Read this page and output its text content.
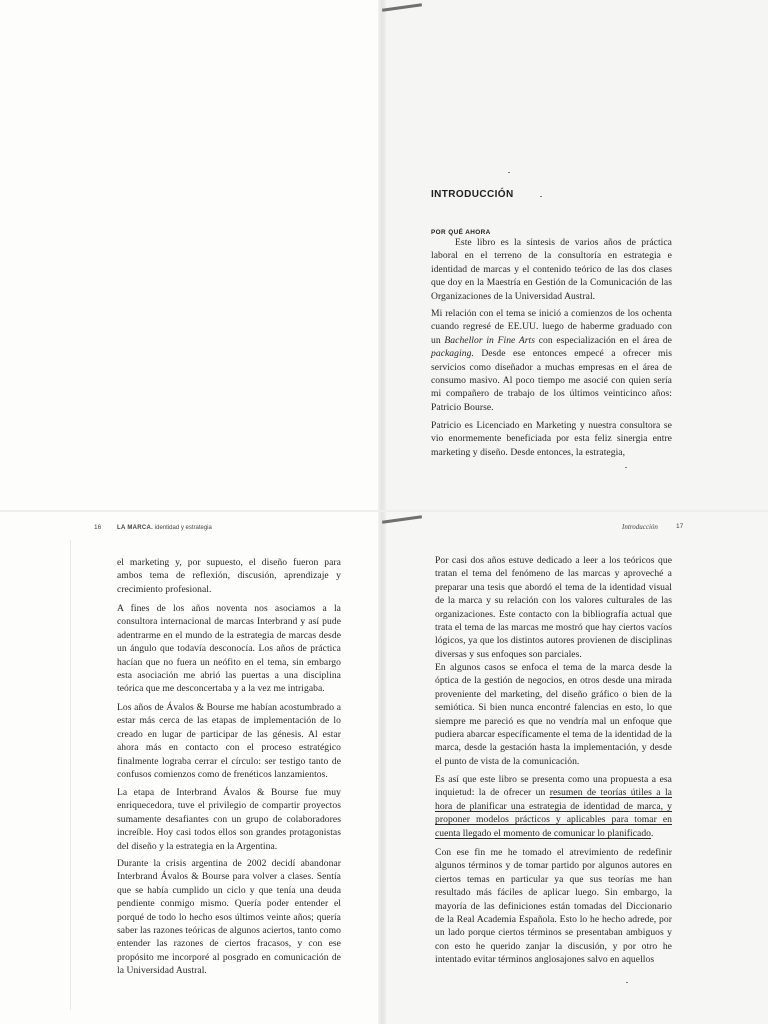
INTRODUCCIÓN
POR QUÉ AHORA

Este libro es la síntesis de varios años de práctica laboral en el terreno de la consultoría en estrategia e identidad de marcas y el contenido teórico de las dos clases que doy en la Maestría en Gestión de la Comunicación de las Organizaciones de la Universidad Austral.

Mi relación con el tema se inició a comienzos de los ochenta cuando regresé de EE.UU. luego de haberme graduado con un Bachellor in Fine Arts con especialización en el área de packaging. Desde ese entonces empecé a ofrecer mis servicios como diseñador a muchas empresas en el área de consumo masivo. Al poco tiempo me asocié con quien sería mi compañero de trabajo de los últimos veinticinco años: Patricio Bourse.

Patricio es Licenciado en Marketing y nuestra consultora se vio enormemente beneficiada por esta feliz sinergia entre marketing y diseño. Desde entonces, la estrategia,

16	LA MARCA. identidad y estrategia

el marketing y, por supuesto, el diseño fueron para ambos tema de reflexión, discusión, aprendizaje y crecimiento profesional.

A fines de los años noventa nos asociamos a la consultora internacional de marcas Interbrand y así pude adentrarme en el mundo de la estrategia de marcas desde un ángulo que todavía desconocía. Los años de práctica hacían que no fuera un neófito en el tema, sin embargo esta asociación me abrió las puertas a una disciplina teórica que me desconcertaba y a la vez me intrigaba.

Los años de Ávalos & Bourse me habían acostumbrado a estar más cerca de las etapas de implementación de lo creado en lugar de participar de las génesis. Al estar ahora más en contacto con el proceso estratégico finalmente lograba cerrar el círculo: ser testigo tanto de confusos comienzos como de frenéticos lanzamientos.

La etapa de Interbrand Ávalos & Bourse fue muy enriquecedora, tuve el privilegio de compartir proyectos sumamente desafiantes con un grupo de colaboradores increíble. Hoy casi todos ellos son grandes protagonistas del diseño y la estrategia en la Argentina.

Durante la crisis argentina de 2002 decidí abandonar Interbrand Ávalos & Bourse para volver a clases. Sentía que se había cumplido un ciclo y que tenía una deuda pendiente conmigo mismo. Quería poder entender el porqué de todo lo hecho esos últimos veinte años; quería saber las razones teóricas de algunos aciertos, tanto como entender las razones de ciertos fracasos, y con ese propósito me incorporé al posgrado en comunicación de la Universidad Austral.

Introducción	17

Por casi dos años estuve dedicado a leer a los teóricos que tratan el tema del fenómeno de las marcas y aproveché a preparar una tesis que abordó el tema de la identidad visual de la marca y su relación con los valores culturales de las organizaciones. Este contacto con la bibliografía actual que trata el tema de las marcas me mostró que hay ciertos vacíos lógicos, ya que los distintos autores provienen de disciplinas diversas y sus enfoques son parciales.

En algunos casos se enfoca el tema de la marca desde la óptica de la gestión de negocios, en otros desde una mirada proveniente del marketing, del diseño gráfico o bien de la semiótica. Si bien nunca encontré falencias en esto, lo que siempre me pareció es que no vendría mal un enfoque que pudiera abarcar específicamente el tema de la identidad de la marca, desde la gestación hasta la implementación, y desde el punto de vista de la comunicación.

Es así que este libro se presenta como una propuesta a esa inquietud: la de ofrecer un resumen de teorías útiles a la hora de planificar una estrategia de identidad de marca, y proponer modelos prácticos y aplicables para tomar en cuenta llegado el momento de comunicar lo planificado.

Con ese fin me he tomado el atrevimiento de redefinir algunos términos y de tomar partido por algunos autores en ciertos temas en particular ya que sus teorías me han resultado más fáciles de aplicar luego. Sin embargo, la mayoría de las definiciones están tomadas del Diccionario de la Real Academia Española. Esto lo he hecho adrede, por un lado porque ciertos términos se presentaban ambiguos y con esto he querido zanjar la discusión, y por otro he intentado evitar términos anglosajones salvo en aquellos
